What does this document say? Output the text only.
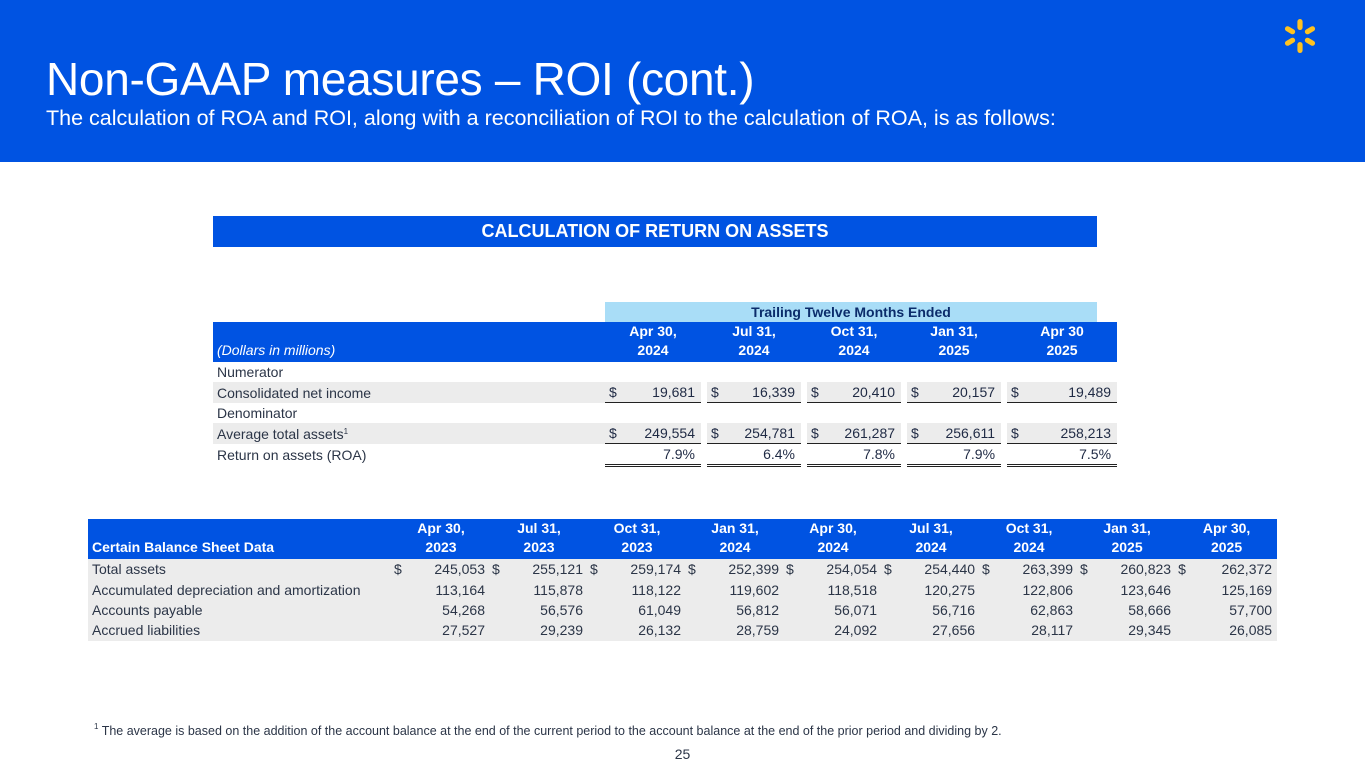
Non-GAAP measures – ROI (cont.)
The calculation of ROA and ROI, along with a reconciliation of ROI to the calculation of ROA, is as follows:
CALCULATION OF RETURN ON ASSETS
Trailing Twelve Months Ended
(Dollars in millions)	Apr 30,
2024			Jul 31,
2024			Oct 31,
2024			Jan 31,
2025			Apr 30
2025	
Numerator														
Consolidated net income	$	19,681		$	16,339		$	20,410		$	20,157		$	19,489
Denominator														
Average total assets$^1$	$	249,554		$	254,781		$	261,287		$	256,611		$	258,213
Return on assets (ROA)	7.9%			6.4%			7.8%			7.9%			7.5%	
Certain Balance Sheet Data	Apr 30,
2023		Jul 31,
2023		Oct 31,
2023		Jan 31,
2024		Apr 30,
2024		Jul 31,
2024		Oct 31,
2024		Jan 31,
2025		Apr 30,
2025	
Total assets	$	245,053	$	255,121	$	259,174	$	252,399	$	254,054	$	254,440	$	263,399	$	260,823	$	262,372
Accumulated depreciation and amortization		113,164		115,878		118,122		119,602		118,518		120,275		122,806		123,646		125,169
Accounts payable		54,268		56,576		61,049		56,812		56,071		56,716		62,863		58,666		57,700
Accrued liabilities		27,527		29,239		26,132		28,759		24,092		27,656		28,117		29,345		26,085
$^1$ The average is based on the addition of the account balance at the end of the current period to the account balance at the end of the prior period and dividing by 2.
25
